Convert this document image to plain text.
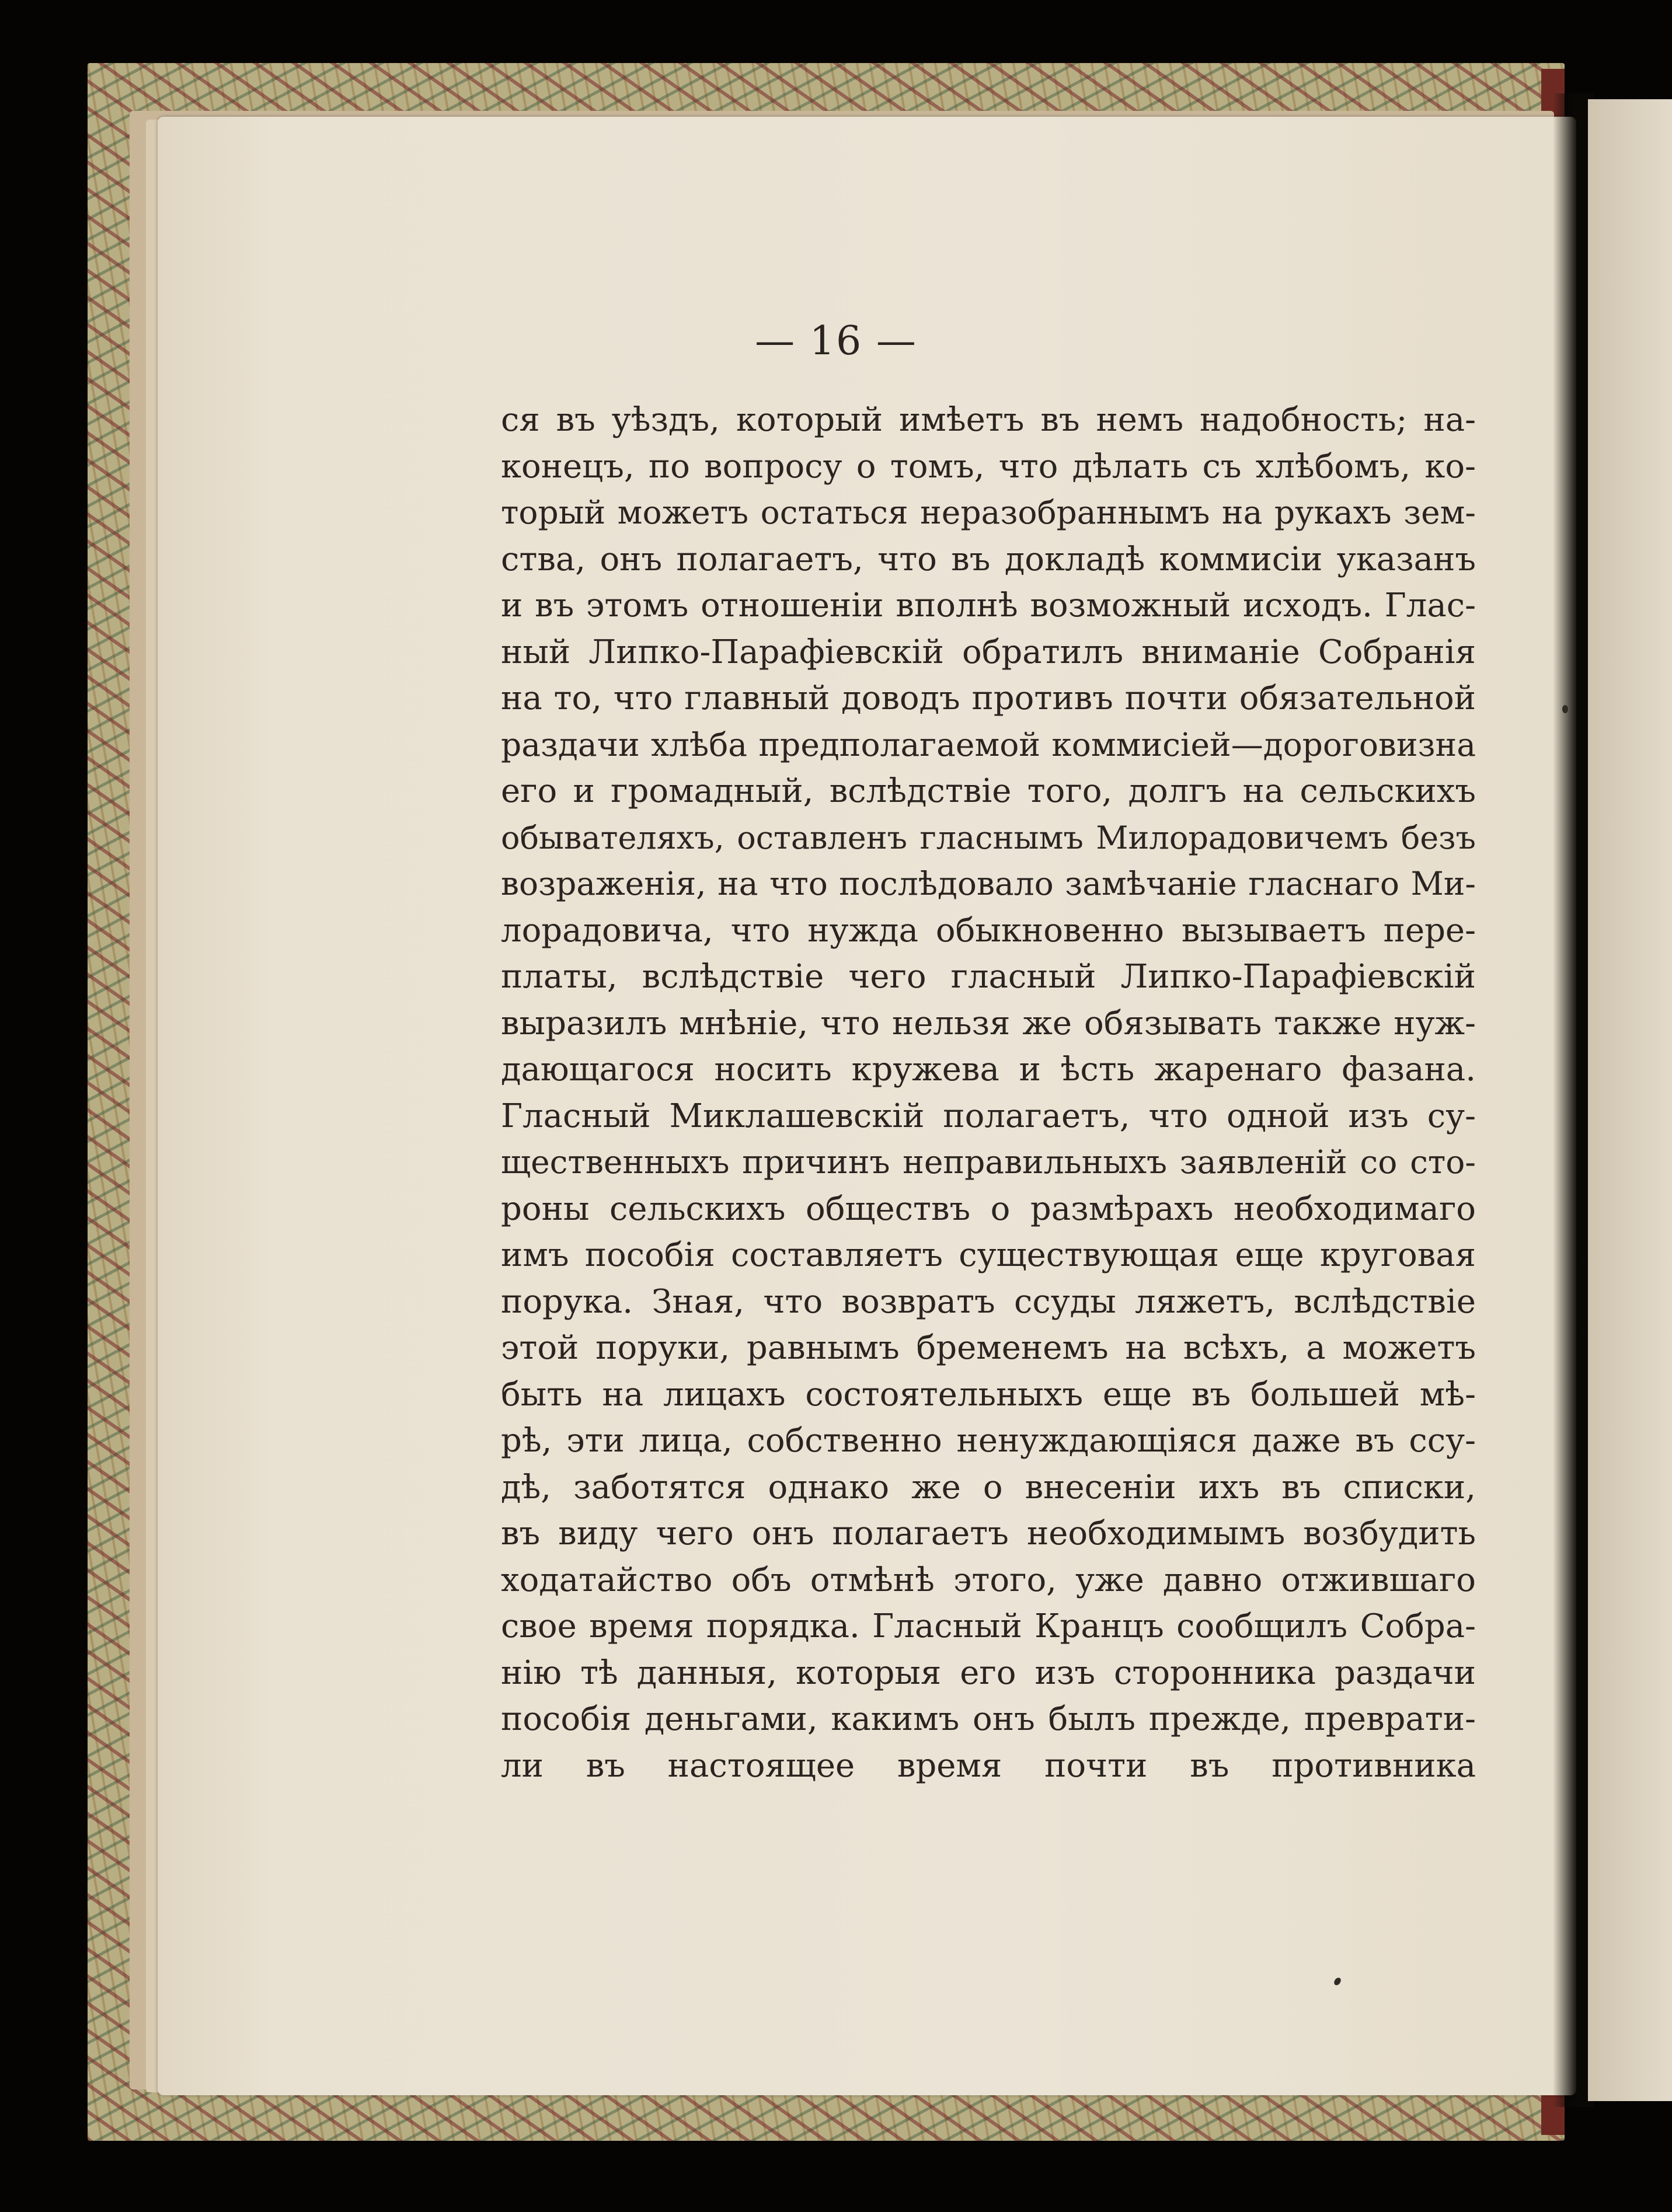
— 16 —
ся въ уѣздъ, который имѣетъ въ немъ надобность; на-
конецъ, по вопросу о томъ, что дѣлать съ хлѣбомъ, ко-
торый можетъ остаться неразобраннымъ на рукахъ зем-
ства, онъ полагаетъ, что въ докладѣ коммисіи указанъ
и въ этомъ отношеніи вполнѣ возможный исходъ. Глас-
ный Липко-Парафіевскій обратилъ вниманіе Собранія
на то, что главный доводъ противъ почти обязательной
раздачи хлѣба предполагаемой коммисіей—дороговизна
его и громадный, вслѣдствіе того, долгъ на сельскихъ
обывателяхъ, оставленъ гласнымъ Милорадовичемъ безъ
возраженія, на что послѣдовало замѣчаніе гласнаго Ми-
лорадовича, что нужда обыкновенно вызываетъ пере-
платы, вслѣдствіе чего гласный Липко-Парафіевскій
выразилъ мнѣніе, что нельзя же обязывать также нуж-
дающагося носить кружева и ѣсть жаренаго фазана.
Гласный Миклашевскій полагаетъ, что одной изъ су-
щественныхъ причинъ неправильныхъ заявленій со сто-
роны сельскихъ обществъ о размѣрахъ необходимаго
имъ пособія составляетъ существующая еще круговая
порука. Зная, что возвратъ ссуды ляжетъ, вслѣдствіе
этой поруки, равнымъ бременемъ на всѣхъ, а можетъ
быть на лицахъ состоятельныхъ еще въ большей мѣ-
рѣ, эти лица, собственно ненуждающіяся даже въ ссу-
дѣ, заботятся однако же о внесеніи ихъ въ списки,
въ виду чего онъ полагаетъ необходимымъ возбудить
ходатайство объ отмѣнѣ этого, уже давно отжившаго
свое время порядка. Гласный Кранцъ сообщилъ Собра-
нію тѣ данныя, которыя его изъ сторонника раздачи
пособія деньгами, какимъ онъ былъ прежде, преврати-
ли въ настоящее время почти въ противника
